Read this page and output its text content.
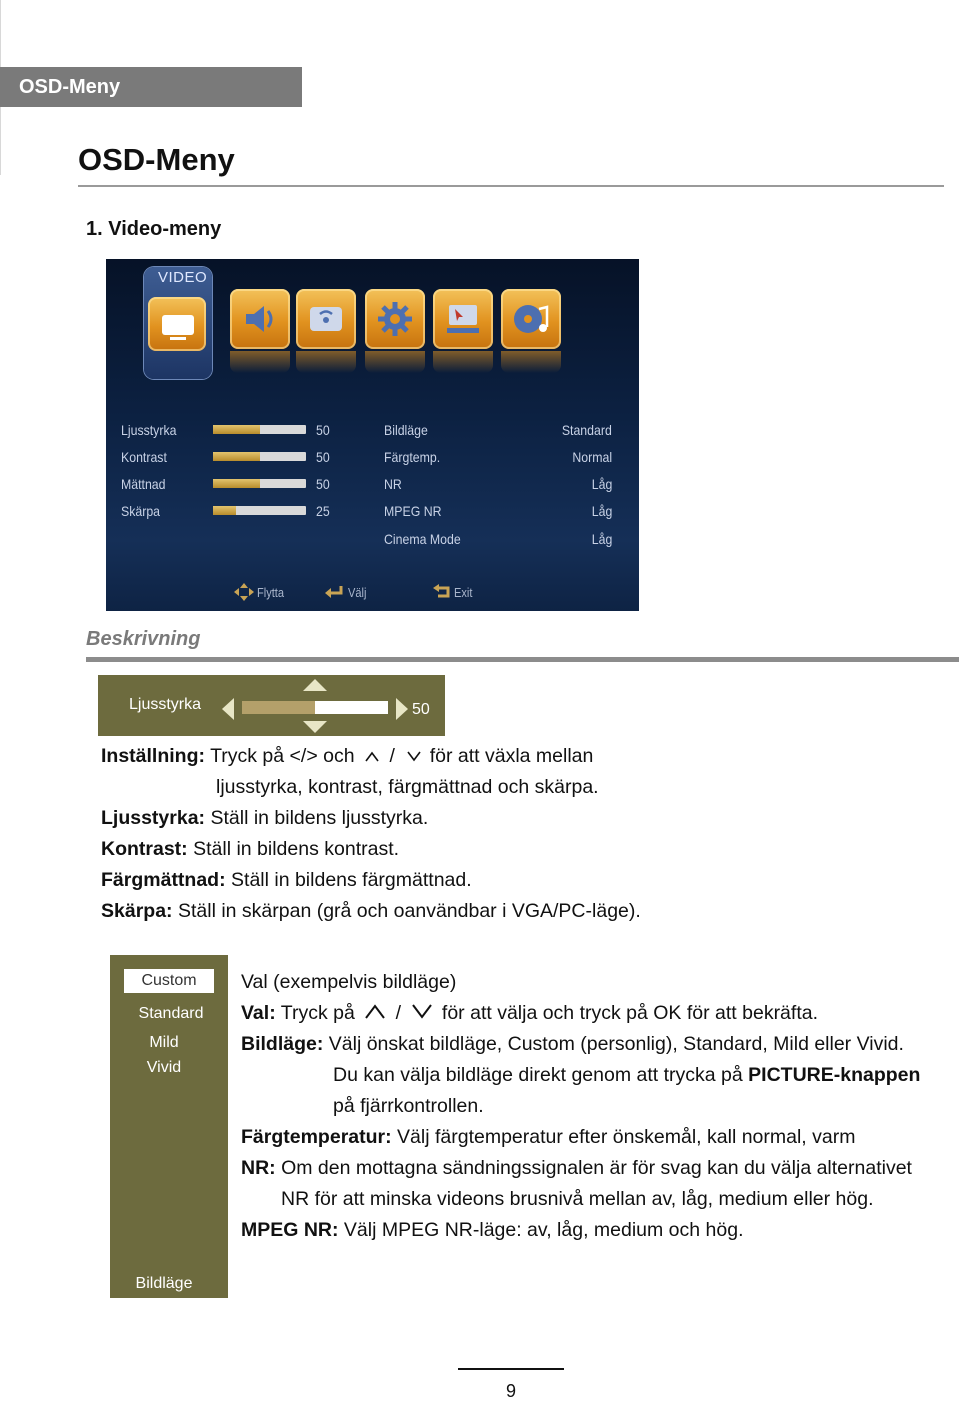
OSD-Meny
OSD-Meny
1. Video-meny
VIDEO
Ljusstyrka	50
Kontrast	50
Mättnad	50
Skärpa	25
Bildläge	Standard
Färgtemp.	Normal
NR	Låg
MPEG NR	Låg
Cinema Mode	Låg
Flytta	Välj	Exit
Beskrivning
Ljusstyrka	50
Inställning: Tryck på </> och / för att växla mellan
ljusstyrka, kontrast, färgmättnad och skärpa.
Ljusstyrka: Ställ in bildens ljusstyrka.
Kontrast: Ställ in bildens kontrast.
Färgmättnad: Ställ in bildens färgmättnad.
Skärpa: Ställ in skärpan (grå och oanvändbar i VGA/PC-läge).
Custom
Standard
Mild
Vivid
Bildläge
Val (exempelvis bildläge)
Val: Tryck på / för att välja och tryck på OK för att bekräfta.
Bildläge: Välj önskat bildläge, Custom (personlig), Standard, Mild eller Vivid.
Du kan välja bildläge direkt genom att trycka på PICTURE-knappen
på fjärrkontrollen.
Färgtemperatur: Välj färgtemperatur efter önskemål, kall normal, varm
NR: Om den mottagna sändningssignalen är för svag kan du välja alternativet
NR för att minska videons brusnivå mellan av, låg, medium eller hög.
MPEG NR: Välj MPEG NR-läge: av, låg, medium och hög.
9
